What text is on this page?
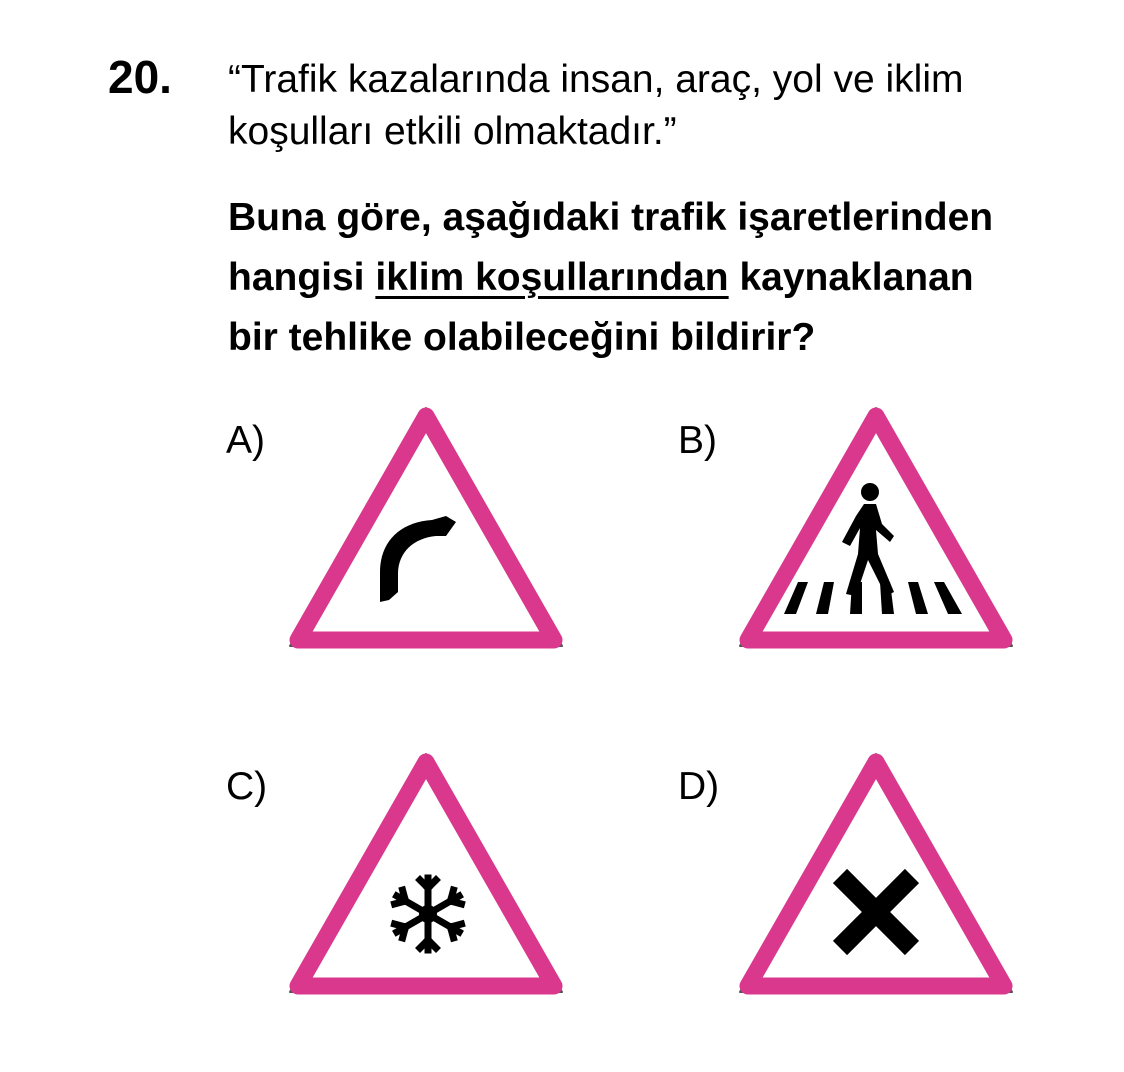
20. “Trafik kazalarında insan, araç, yol ve iklim
koşulları etkili olmaktadır.”
Buna göre, aşağıdaki trafik işaretlerinden
hangisi iklim koşullarından kaynaklanan
bir tehlike olabileceğini bildirir?
A)	B)
C)	D)
